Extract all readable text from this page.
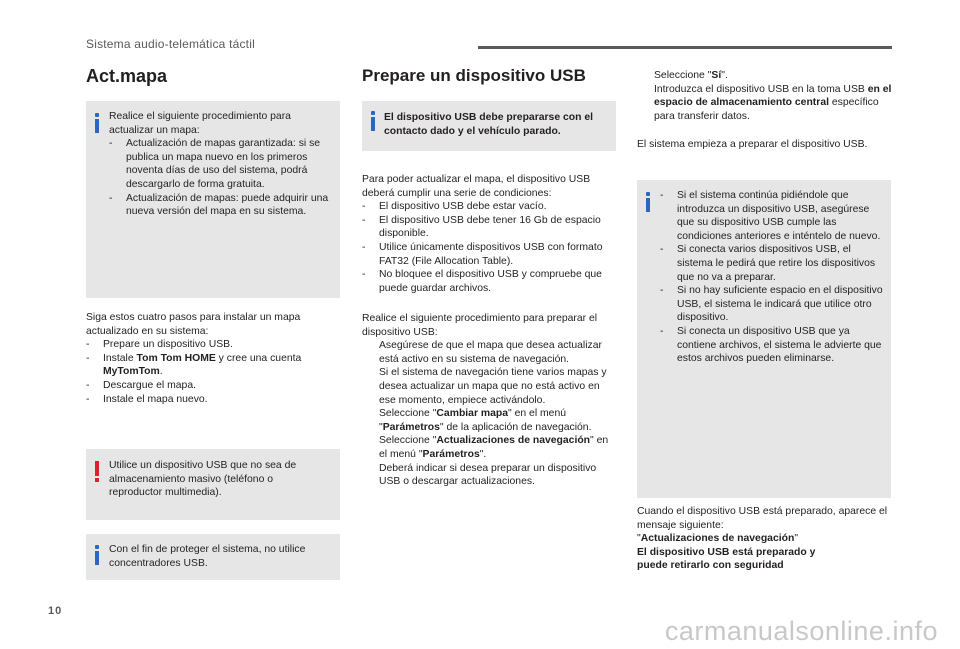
Sistema audio-telemática táctil
Act.mapa
Realice el siguiente procedimiento para actualizar un mapa:
- Actualización de mapas garantizada: si se publica un mapa nuevo en los primeros noventa días de uso del sistema, podrá descargarlo de forma gratuita.
- Actualización de mapas: puede adquirir una nueva versión del mapa en su sistema.
Siga estos cuatro pasos para instalar un mapa actualizado en su sistema:
- Prepare un dispositivo USB.
- Instale Tom Tom HOME y cree una cuenta MyTomTom.
- Descargue el mapa.
- Instale el mapa nuevo.
Utilice un dispositivo USB que no sea de almacenamiento masivo (teléfono o reproductor multimedia).
Con el fin de proteger el sistema, no utilice concentradores USB.
Prepare un dispositivo USB
El dispositivo USB debe prepararse con el contacto dado y el vehículo parado.
Para poder actualizar el mapa, el dispositivo USB deberá cumplir una serie de condiciones:
- El dispositivo USB debe estar vacío.
- El dispositivo USB debe tener 16 Gb de espacio disponible.
- Utilice únicamente dispositivos USB con formato FAT32 (File Allocation Table).
- No bloquee el dispositivo USB y compruebe que puede guardar archivos.
Realice el siguiente procedimiento para preparar el dispositivo USB:
Asegúrese de que el mapa que desea actualizar está activo en su sistema de navegación.
Si el sistema de navegación tiene varios mapas y desea actualizar un mapa que no está activo en ese momento, empiece activándolo.
Seleccione "Cambiar mapa" en el menú "Parámetros" de la aplicación de navegación.
Seleccione "Actualizaciones de navegación" en el menú "Parámetros".
Deberá indicar si desea preparar un dispositivo USB o descargar actualizaciones.
Seleccione "Sí".
Introduzca el dispositivo USB en la toma USB en el espacio de almacenamiento central específico para transferir datos.
El sistema empieza a preparar el dispositivo USB.
- Si el sistema continúa pidiéndole que introduzca un dispositivo USB, asegúrese que su dispositivo USB cumple las condiciones anteriores e inténtelo de nuevo.
- Si conecta varios dispositivos USB, el sistema le pedirá que retire los dispositivos que no va a preparar.
- Si no hay suficiente espacio en el dispositivo USB, el sistema le indicará que utilice otro dispositivo.
- Si conecta un dispositivo USB que ya contiene archivos, el sistema le advierte que estos archivos pueden eliminarse.
Cuando el dispositivo USB está preparado, aparece el mensaje siguiente:
"Actualizaciones de navegación"
El dispositivo USB está preparado y
puede retirarlo con seguridad
10
carmanualsonline.info
